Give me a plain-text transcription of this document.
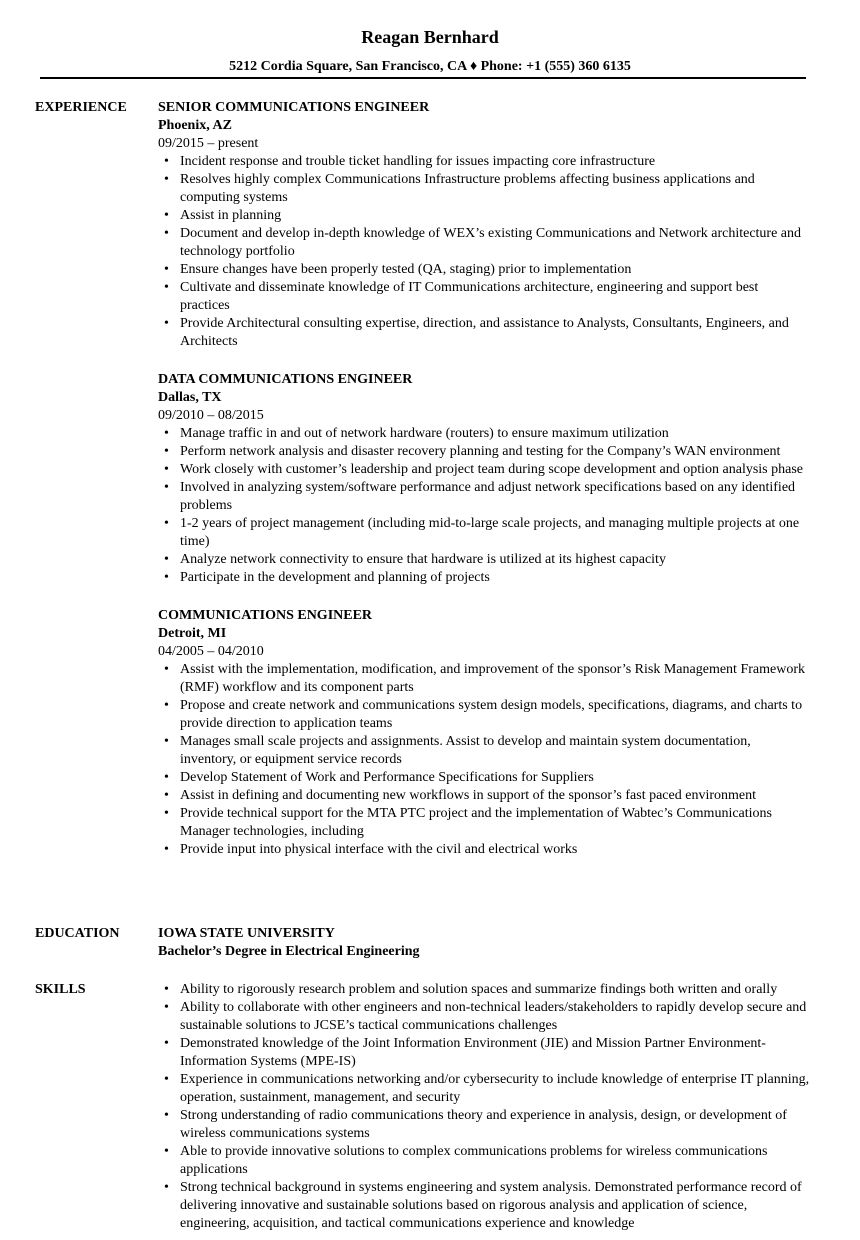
Reagan Bernhard
5212 Cordia Square, San Francisco, CA ♦ Phone: +1 (555) 360 6135
EXPERIENCE SENIOR COMMUNICATIONS ENGINEER
Phoenix, AZ
09/2015 – present
• Incident response and trouble ticket handling for issues impacting core infrastructure
• Resolves highly complex Communications Infrastructure problems affecting business applications and computing systems
• Assist in planning
• Document and develop in-depth knowledge of WEX’s existing Communications and Network architecture and technology portfolio
• Ensure changes have been properly tested (QA, staging) prior to implementation
• Cultivate and disseminate knowledge of IT Communications architecture, engineering and support best practices
• Provide Architectural consulting expertise, direction, and assistance to Analysts, Consultants, Engineers, and Architects
DATA COMMUNICATIONS ENGINEER
Dallas, TX
09/2010 – 08/2015
• Manage traffic in and out of network hardware (routers) to ensure maximum utilization
• Perform network analysis and disaster recovery planning and testing for the Company’s WAN environment
• Work closely with customer’s leadership and project team during scope development and option analysis phase
• Involved in analyzing system/software performance and adjust network specifications based on any identified problems
• 1-2 years of project management (including mid-to-large scale projects, and managing multiple projects at one time)
• Analyze network connectivity to ensure that hardware is utilized at its highest capacity
• Participate in the development and planning of projects
COMMUNICATIONS ENGINEER
Detroit, MI
04/2005 – 04/2010
• Assist with the implementation, modification, and improvement of the sponsor’s Risk Management Framework (RMF) workflow and its component parts
• Propose and create network and communications system design models, specifications, diagrams, and charts to provide direction to application teams
• Manages small scale projects and assignments. Assist to develop and maintain system documentation, inventory, or equipment service records
• Develop Statement of Work and Performance Specifications for Suppliers
• Assist in defining and documenting new workflows in support of the sponsor’s fast paced environment
• Provide technical support for the MTA PTC project and the implementation of Wabtec’s Communications Manager technologies, including
• Provide input into physical interface with the civil and electrical works
EDUCATION	IOWA STATE UNIVERSITY
Bachelor’s Degree in Electrical Engineering
SKILLS	• Ability to rigorously research problem and solution spaces and summarize findings both written and orally
• Ability to collaborate with other engineers and non-technical leaders/stakeholders to rapidly develop secure and sustainable solutions to JCSE’s tactical communications challenges
• Demonstrated knowledge of the Joint Information Environment (JIE) and Mission Partner Environment-Information Systems (MPE-IS)
• Experience in communications networking and/or cybersecurity to include knowledge of enterprise IT planning, operation, sustainment, management, and security
• Strong understanding of radio communications theory and experience in analysis, design, or development of wireless communications systems
• Able to provide innovative solutions to complex communications problems for wireless communications applications
• Strong technical background in systems engineering and system analysis. Demonstrated performance record of delivering innovative and sustainable solutions based on rigorous analysis and application of science, engineering, acquisition, and tactical communications experience and knowledge
